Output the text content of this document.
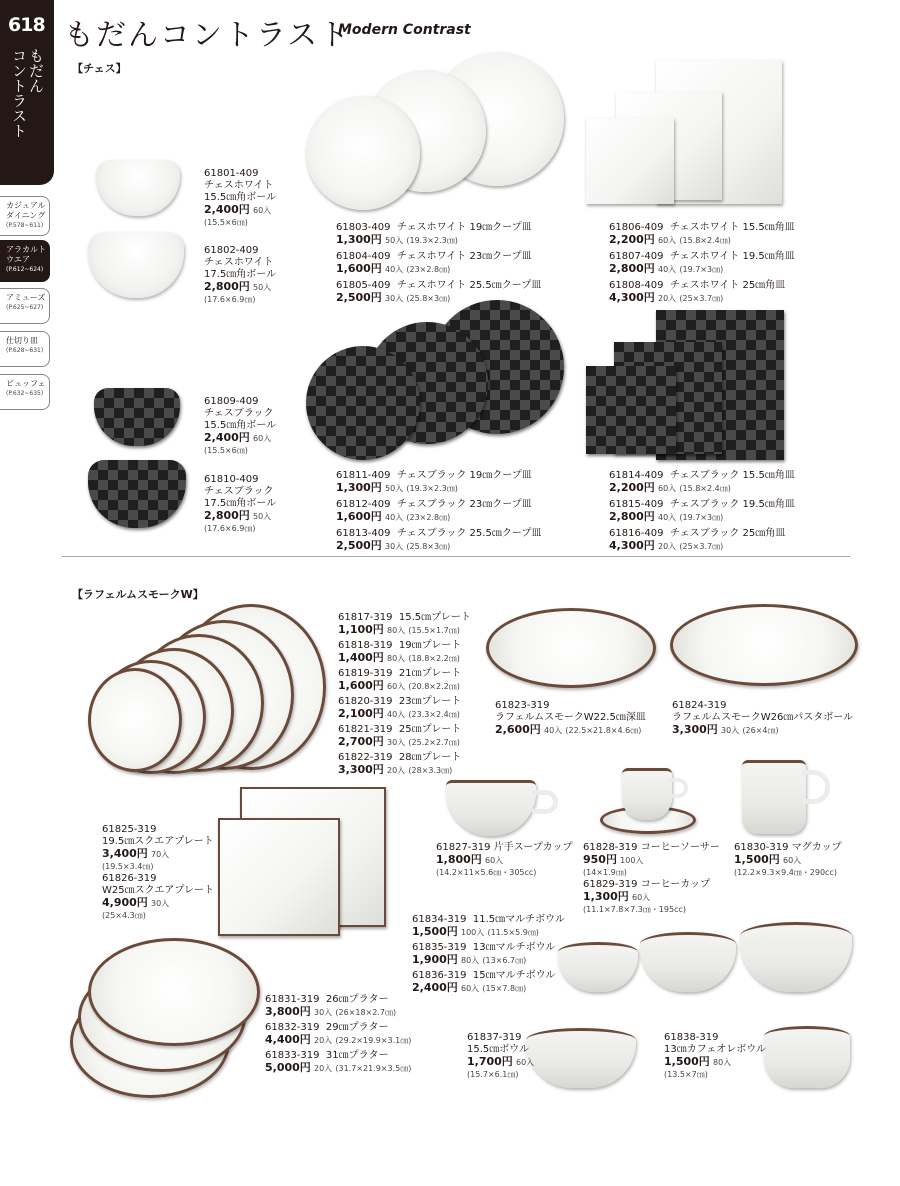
618
もだん
コントラスト
カジュアル
ダイニング
(P.578~611)
アラカルト
ウエア
(P.612~624)
アミューズ
(P.625~627)
仕切り皿
(P.628~631)
ビュッフェ
(P.632~635)
もだんコントラスト
Modern Contrast
【チェス】
61801-409
チェスホワイト
15.5㎝角ボール
2,400円 60入
(15.5×6㎝)
61802-409
チェスホワイト
17.5㎝角ボール
2,800円 50入
(17.6×6.9㎝)
61803-409 チェスホワイト 19㎝クープ皿
1,300円 50入 (19.3×2.3㎝)
61804-409 チェスホワイト 23㎝クープ皿
1,600円 40入 (23×2.8㎝)
61805-409 チェスホワイト 25.5㎝クープ皿
2,500円 30入 (25.8×3㎝)
61806-409 チェスホワイト 15.5㎝角皿
2,200円 60入 (15.8×2.4㎝)
61807-409 チェスホワイト 19.5㎝角皿
2,800円 40入 (19.7×3㎝)
61808-409 チェスホワイト 25㎝角皿
4,300円 20入 (25×3.7㎝)
61809-409
チェスブラック
15.5㎝角ボール
2,400円 60入
(15.5×6㎝)
61810-409
チェスブラック
17.5㎝角ボール
2,800円 50入
(17.6×6.9㎝)
61811-409 チェスブラック 19㎝クープ皿
1,300円 50入 (19.3×2.3㎝)
61812-409 チェスブラック 23㎝クープ皿
1,600円 40入 (23×2.8㎝)
61813-409 チェスブラック 25.5㎝クープ皿
2,500円 30入 (25.8×3㎝)
61814-409 チェスブラック 15.5㎝角皿
2,200円 60入 (15.8×2.4㎝)
61815-409 チェスブラック 19.5㎝角皿
2,800円 40入 (19.7×3㎝)
61816-409 チェスブラック 25㎝角皿
4,300円 20入 (25×3.7㎝)
【ラフェルムスモークW】
61817-319 15.5㎝プレート
1,100円 80入 (15.5×1.7㎝)
61818-319 19㎝プレート
1,400円 80入 (18.8×2.2㎝)
61819-319 21㎝プレート
1,600円 60入 (20.8×2.2㎝)
61820-319 23㎝プレート
2,100円 40入 (23.3×2.4㎝)
61821-319 25㎝プレート
2,700円 30入 (25.2×2.7㎝)
61822-319 28㎝プレート
3,300円 20入 (28×3.3㎝)
61823-319
ラフェルムスモークW22.5㎝深皿
2,600円 40入 (22.5×21.8×4.6㎝)
61824-319
ラフェルムスモークW26㎝パスタボール
3,300円 30入 (26×4㎝)
61825-319
19.5㎝スクエアプレート
3,400円 70入
(19.5×3.4㎝)
61826-319
W25㎝スクエアプレート
4,900円 30入
(25×4.3㎝)
61827-319 片手スープカップ
1,800円 60入
(14.2×11×5.6㎝・305cc)
61828-319 コーヒーソーサー
950円 100入
(14×1.9㎝)
61829-319 コーヒーカップ
1,300円 60入
(11.1×7.8×7.3㎝・195cc)
61830-319 マグカップ
1,500円 60入
(12.2×9.3×9.4㎝・290cc)
61834-319 11.5㎝マルチボウル
1,500円 100入 (11.5×5.9㎝)
61835-319 13㎝マルチボウル
1,900円 80入 (13×6.7㎝)
61836-319 15㎝マルチボウル
2,400円 60入 (15×7.8㎝)
61831-319 26㎝プラター
3,800円 30入 (26×18×2.7㎝)
61832-319 29㎝プラター
4,400円 20入 (29.2×19.9×3.1㎝)
61833-319 31㎝プラター
5,000円 20入 (31.7×21.9×3.5㎝)
61837-319
15.5㎝ボウル
1,700円 60入
(15.7×6.1㎝)
61838-319
13㎝カフェオレボウル
1,500円 80入
(13.5×7㎝)
